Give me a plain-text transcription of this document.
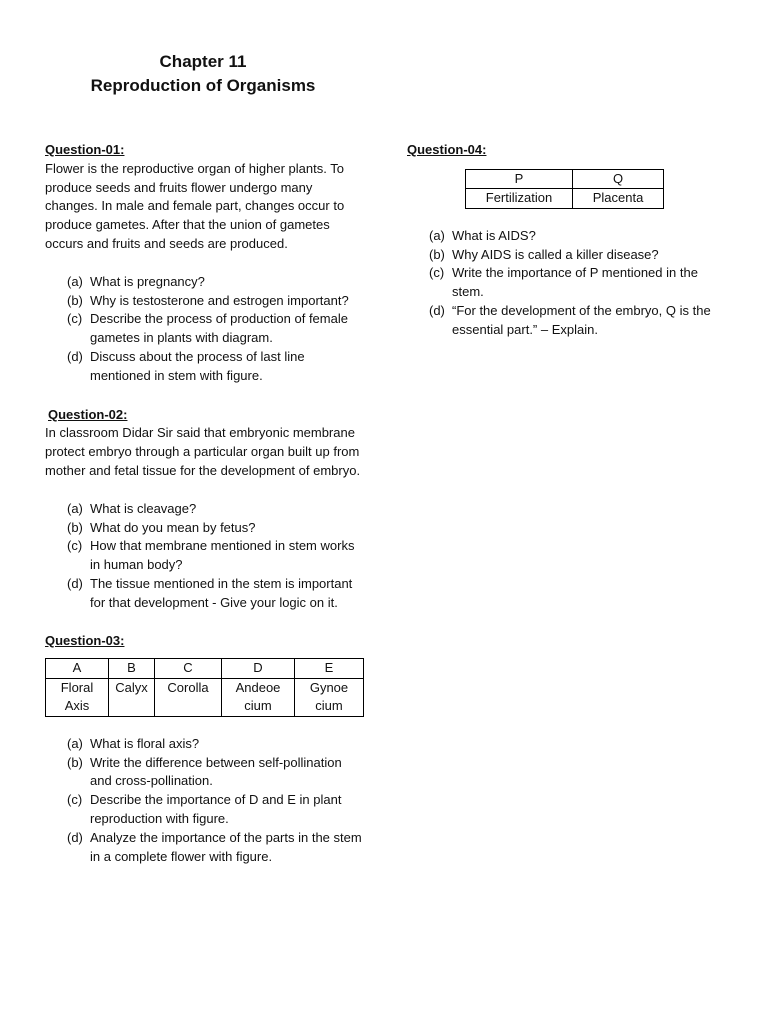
Chapter 11
Reproduction of Organisms
Question-01:

Flower is the reproductive organ of higher plants. To produce seeds and fruits flower undergo many changes. In male and female part, changes occur to produce gametes. After that the union of gametes occurs and fruits and seeds are produced.

(a) What is pregnancy?
(b) Why is testosterone and estrogen important?
(c) Describe the process of production of female gametes in plants with diagram.
(d) Discuss about the process of last line mentioned in stem with figure.
Question-02:

In classroom Didar Sir said that embryonic membrane protect embryo through a particular organ built up from mother and fetal tissue for the development of embryo.

(a) What is cleavage?
(b) What do you mean by fetus?
(c) How that membrane mentioned in stem works in human body?
(d) The tissue mentioned in the stem is important for that development - Give your logic on it.
Question-03:
A	B	C	D	E
Floral Axis	Calyx	Corolla	Andeoe cium	Gynoe cium
(a) What is floral axis?
(b) Write the difference between self-pollination and cross-pollination.
(c) Describe the importance of D and E in plant reproduction with figure.
(d) Analyze the importance of the parts in the stem in a complete flower with figure.
Question-04:
P	Q
Fertilization	Placenta
(a) What is AIDS?
(b) Why AIDS is called a killer disease?
(c) Write the importance of P mentioned in the stem.
(d) “For the development of the embryo, Q is the essential part.” – Explain.
